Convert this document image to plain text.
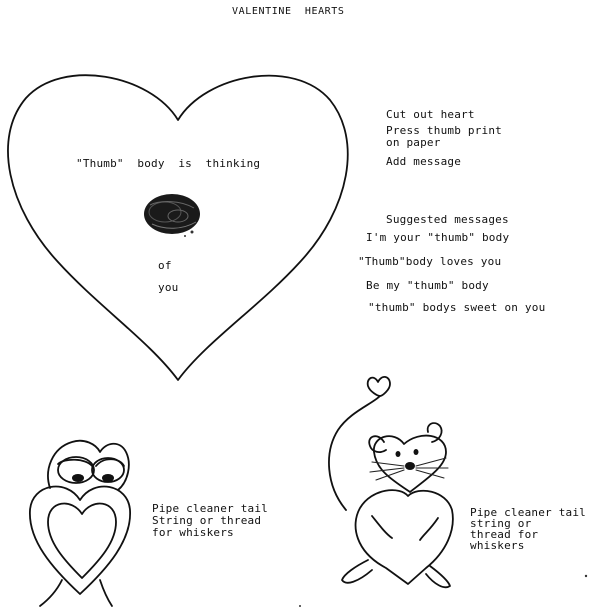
VALENTINE  HEARTS
"Thumb"  body  is  thinking
of
you
Cut out heart
Press thumb print
on paper
Add message
Suggested messages
I'm your "thumb" body
"Thumb"body loves you
Be my "thumb" body
"thumb" bodys sweet on you
Pipe cleaner tail
String or thread
for whiskers
Pipe cleaner tail
string or
thread for
whiskers
